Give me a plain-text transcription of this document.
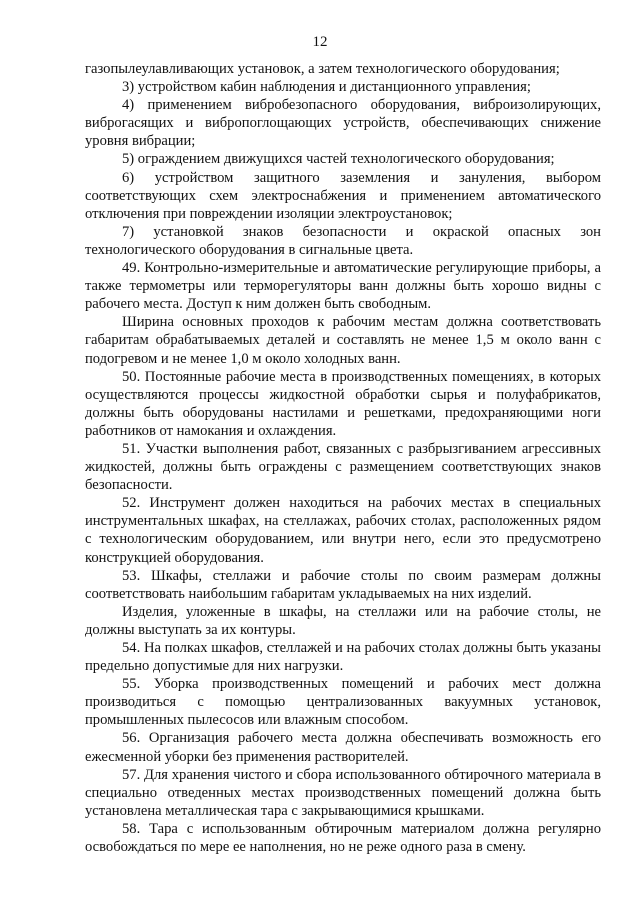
12

газопылеулавливающих установок, а затем технологического оборудования;

3) устройством кабин наблюдения и дистанционного управления;

4) применением вибробезопасного оборудования, виброизолирующих, виброгасящих и вибропоглощающих устройств, обеспечивающих снижение уровня вибрации;

5) ограждением движущихся частей технологического оборудования;

6) устройством защитного заземления и зануления, выбором соответствующих схем электроснабжения и применением автоматического отключения при повреждении изоляции электроустановок;

7) установкой знаков безопасности и окраской опасных зон технологического оборудования в сигнальные цвета.

49. Контрольно-измерительные и автоматические регулирующие приборы, а также термометры или терморегуляторы ванн должны быть хорошо видны с рабочего места. Доступ к ним должен быть свободным.

Ширина основных проходов к рабочим местам должна соответствовать габаритам обрабатываемых деталей и составлять не менее 1,5 м около ванн с подогревом и не менее 1,0 м около холодных ванн.

50. Постоянные рабочие места в производственных помещениях, в которых осуществляются процессы жидкостной обработки сырья и полуфабрикатов, должны быть оборудованы настилами и решетками, предохраняющими ноги работников от намокания и охлаждения.

51. Участки выполнения работ, связанных с разбрызгиванием агрессивных жидкостей, должны быть ограждены с размещением соответствующих знаков безопасности.

52. Инструмент должен находиться на рабочих местах в специальных инструментальных шкафах, на стеллажах, рабочих столах, расположенных рядом с технологическим оборудованием, или внутри него, если это предусмотрено конструкцией оборудования.

53. Шкафы, стеллажи и рабочие столы по своим размерам должны соответствовать наибольшим габаритам укладываемых на них изделий.

Изделия, уложенные в шкафы, на стеллажи или на рабочие столы, не должны выступать за их контуры.

54. На полках шкафов, стеллажей и на рабочих столах должны быть указаны предельно допустимые для них нагрузки.

55. Уборка производственных помещений и рабочих мест должна производиться с помощью централизованных вакуумных установок, промышленных пылесосов или влажным способом.

56. Организация рабочего места должна обеспечивать возможность его ежесменной уборки без применения растворителей.

57. Для хранения чистого и сбора использованного обтирочного материала в специально отведенных местах производственных помещений должна быть установлена металлическая тара с закрывающимися крышками.

58. Тара с использованным обтирочным материалом должна регулярно освобождаться по мере ее наполнения, но не реже одного раза в смену.
